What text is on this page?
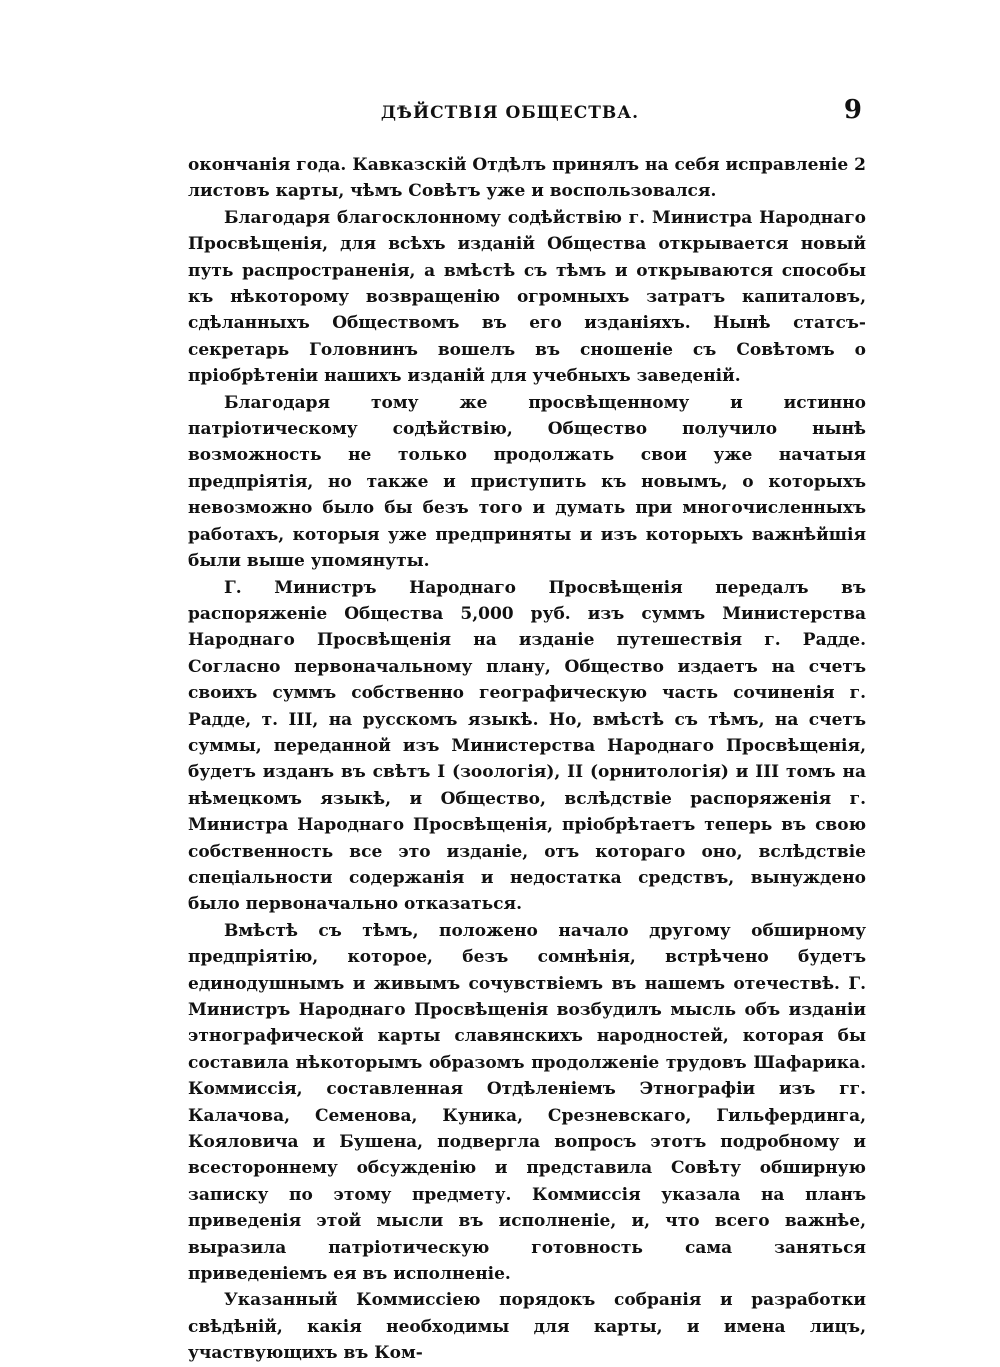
ДѢЙСТВІЯ ОБЩЕСТВА.	9

окончанія года. Кавказскій Отдѣлъ принялъ на себя исправленіе 2 листовъ карты, чѣмъ Совѣтъ уже и воспользовался.

Благодаря благосклонному содѣйствію г. Министра Народнаго Просвѣщенія, для всѣхъ изданій Общества открывается новый путь распространенія, а вмѣстѣ съ тѣмъ и открываются способы къ нѣкоторому возвращенію огромныхъ затратъ капиталовъ, сдѣланныхъ Обществомъ въ его изданіяхъ. Нынѣ статсъ-секретарь Головнинъ вошелъ въ сношеніе съ Совѣтомъ о пріобрѣтеніи нашихъ изданій для учебныхъ заведеній.

Благодаря тому же просвѣщенному и истинно патріотическому содѣйствію, Общество получило нынѣ возможность не только продолжать свои уже начатыя предпріятія, но также и приступить къ новымъ, о которыхъ невозможно было бы безъ того и думать при многочисленныхъ работахъ, которыя уже предприняты и изъ которыхъ важнѣйшія были выше упомянуты.

Г. Министръ Народнаго Просвѣщенія передалъ въ распоряженіе Общества 5,000 руб. изъ суммъ Министерства Народнаго Просвѣщенія на изданіе путешествія г. Радде. Согласно первоначальному плану, Общество издаетъ на счетъ своихъ суммъ собственно географическую часть сочиненія г. Радде, т. III, на русскомъ языкѣ. Но, вмѣстѣ съ тѣмъ, на счетъ суммы, переданной изъ Министерства Народнаго Просвѣщенія, будетъ изданъ въ свѣтъ I (зоологія), II (орнитологія) и III томъ на нѣмецкомъ языкѣ, и Общество, вслѣдствіе распоряженія г. Министра Народнаго Просвѣщенія, пріобрѣтаетъ теперь въ свою собственность все это изданіе, отъ котораго оно, вслѣдствіе спеціальности содержанія и недостатка средствъ, вынуждено было первоначально отказаться.

Вмѣстѣ съ тѣмъ, положено начало другому обширному предпріятію, которое, безъ сомнѣнія, встрѣчено будетъ единодушнымъ и живымъ сочувствіемъ въ нашемъ отечествѣ. Г. Министръ Народнаго Просвѣщенія возбудилъ мысль объ изданіи этнографической карты славянскихъ народностей, которая бы составила нѣкоторымъ образомъ продолженіе трудовъ Шафарика. Коммиссія, составленная Отдѣленіемъ Этнографіи изъ гг. Калачова, Семенова, Куника, Срезневскаго, Гильфердинга, Кояловича и Бушена, подвергла вопросъ этотъ подробному и всестороннему обсужденію и представила Совѣту обширную записку по этому предмету. Коммиссія указала на планъ приведенія этой мысли въ исполненіе, и, что всего важнѣе, выразила патріотическую готовность сама заняться приведеніемъ ея въ исполненіе.

Указанный Коммиссіею порядокъ собранія и разработки свѣдѣній, какія необходимы для карты, и имена лицъ, участвующихъ въ Ком-
